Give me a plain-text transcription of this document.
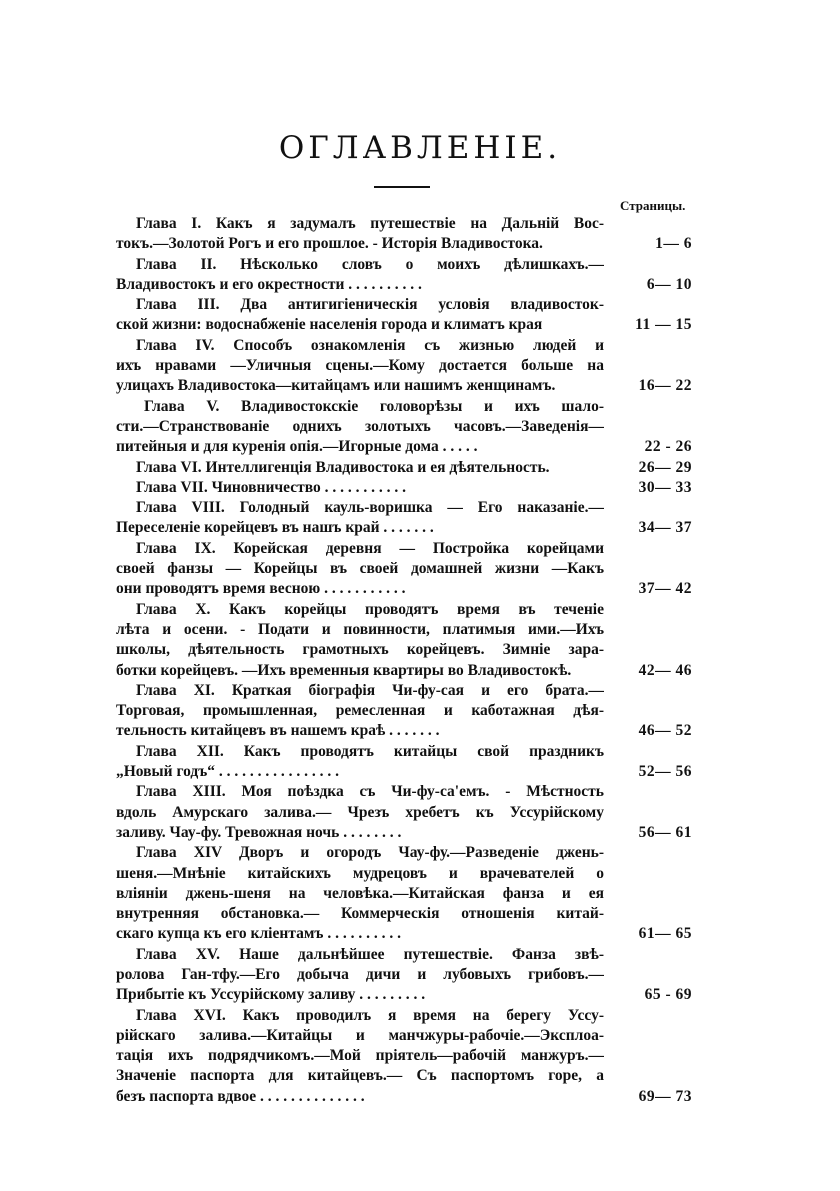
ОГЛАВЛЕНІЕ.
Страницы.
Глава I. Какъ я задумалъ путешествіе на Дальній Вос-
токъ.—Золотой Рогъ и его прошлое. - Исторія Владивостока.	1— 6
Глава II. Нѣсколько словъ о моихъ дѣлишкахъ.—
Владивостокъ и его окрестности . . . . . . . . . .	6— 10
Глава III. Два антигигіеническія условія владивосток-
ской жизни: водоснабженіе населенія города и климатъ края	11 — 15
Глава IV. Способъ ознакомленія съ жизнью людей и
ихъ нравами —Уличныя сцены.—Кому достается больше на
улицахъ Владивостока—китайцамъ или нашимъ женщинамъ.	16— 22
Глава V. Владивостокскіе головорѣзы и ихъ шало-
сти.—Странствованіе однихъ золотыхъ часовъ.—Заведенія—
питейныя и для куренія опія.—Игорные дома . . . . .	22 - 26
Глава VI. Интеллигенція Владивостока и ея дѣятельность.	26— 29
Глава VII. Чиновничество . . . . . . . . . . .	30— 33
Глава VIII. Голодный кауль-воришка — Его наказаніе.—
Переселеніе корейцевъ въ нашъ край . . . . . . .	34— 37
Глава IX. Корейская деревня — Постройка корейцами
своей фанзы — Корейцы въ своей домашней жизни —Какъ
они проводятъ время весною . . . . . . . . . . .	37— 42
Глава X. Какъ корейцы проводятъ время въ теченіе
лѣта и осени. - Подати и повинности, платимыя ими.—Ихъ
школы, дѣятельность грамотныхъ корейцевъ. Зимніе зара-
ботки корейцевъ. —Ихъ временныя квартиры во Владивостокѣ.	42— 46
Глава XI. Краткая біографія Чи-фу-сая и его брата.—
Торговая, промышленная, ремесленная и каботажная дѣя-
тельность китайцевъ въ нашемъ краѣ . . . . . . .	46— 52
Глава XII. Какъ проводятъ китайцы свой праздникъ
„Новый годъ“ . . . . . . . . . . . . . . . .	52— 56
Глава XIII. Моя поѣздка съ Чи-фу-са'емъ. - Мѣстность
вдоль Амурскаго залива.— Чрезъ хребетъ къ Уссурійскому
заливу. Чау-фу. Тревожная ночь . . . . . . . .	56— 61
Глава XIV Дворъ и огородъ Чау-фу.—Разведеніе джень-
шеня.—Мнѣніе китайскихъ мудрецовъ и врачевателей о
вліяніи джень-шеня на человѣка.—Китайская фанза и ея
внутренняя обстановка.— Коммерческія отношенія китай-
скаго купца къ его кліентамъ . . . . . . . . . .	61— 65
Глава XV. Наше дальнѣйшее путешествіе. Фанза звѣ-
ролова Ган-тфу.—Его добыча дичи и лубовыхъ грибовъ.—
Прибытіе къ Уссурійскому заливу . . . . . . . . .	65 - 69
Глава XVI. Какъ проводилъ я время на берегу Уссу-
рійскаго залива.—Китайцы и манчжуры-рабочіе.—Эксплоа-
тація ихъ подрядчикомъ.—Мой пріятель—рабочій манжуръ.—
Значеніе паспорта для китайцевъ.— Съ паспортомъ горе, а
безъ паспорта вдвое . . . . . . . . . . . . . .	69— 73
